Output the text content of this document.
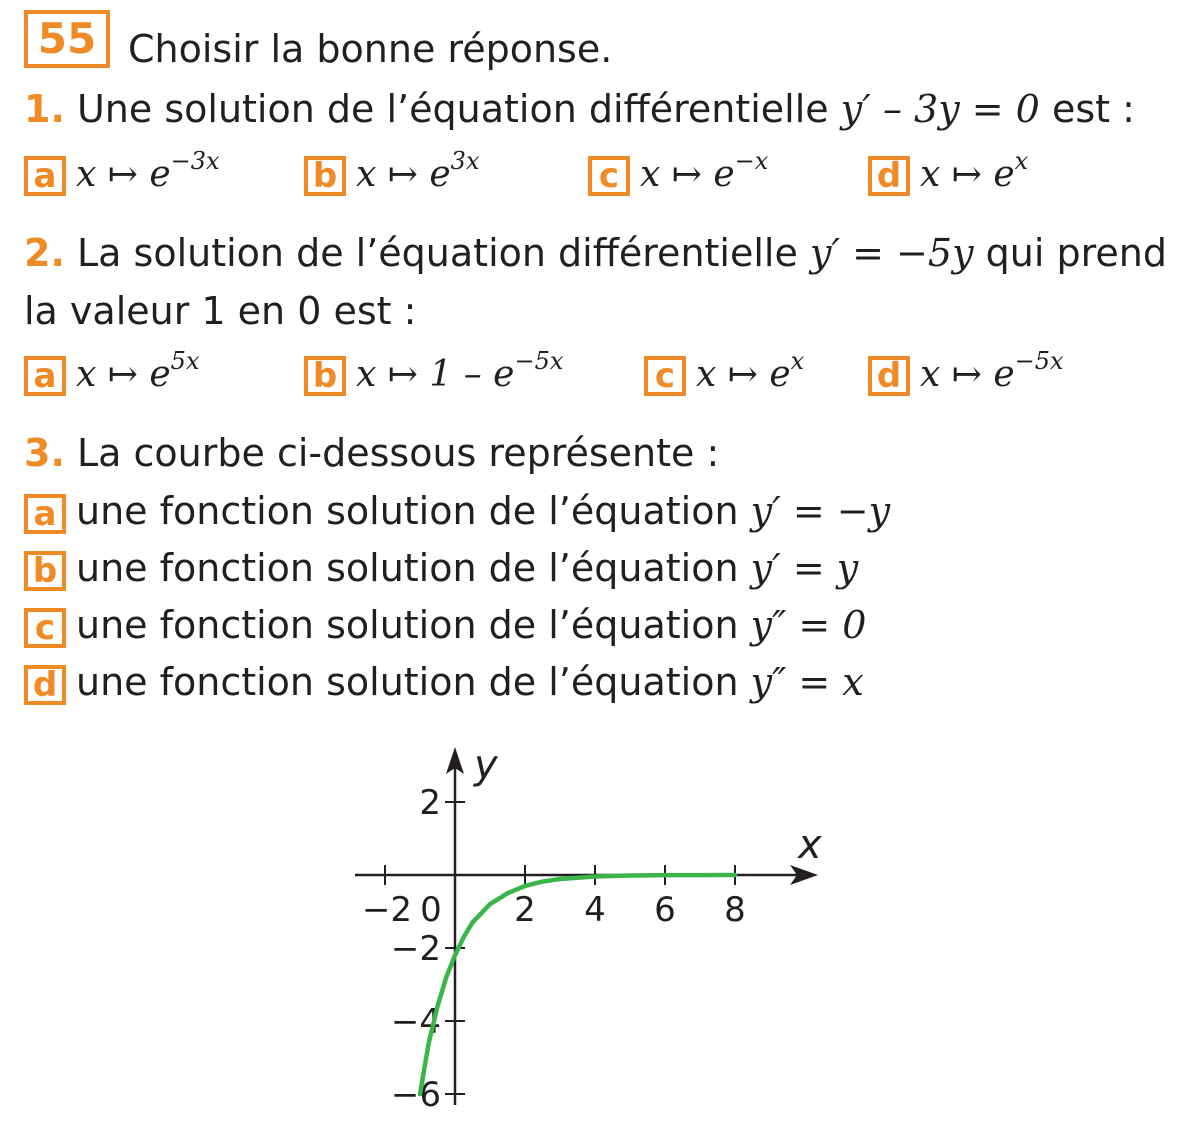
55 Choisir la bonne réponse.
1. Une solution de l’équation différentielle y′ – 3y = 0 est :
a x ↦ $e^{-3x}$	b x ↦ $e^{3x}$	c x ↦ $e^{-x}$	d x ↦ $e^x$
2. La solution de l’équation différentielle y′ = −5y qui prend
la valeur 1 en 0 est :
a x ↦ $e^{5x}$	b x ↦ $1 - e^{-5x}$	c x ↦ $e^x$ d x ↦ $e^{-5x}$
3. La courbe ci-dessous représente :
a une fonction solution de l’équation y′ = −y
b une fonction solution de l’équation y′ = y
c une fonction solution de l’équation y″ = 0
d une fonction solution de l’équation y″ = x
x
y
−2 0 2 4 6 8
2
−2
−4
−6
